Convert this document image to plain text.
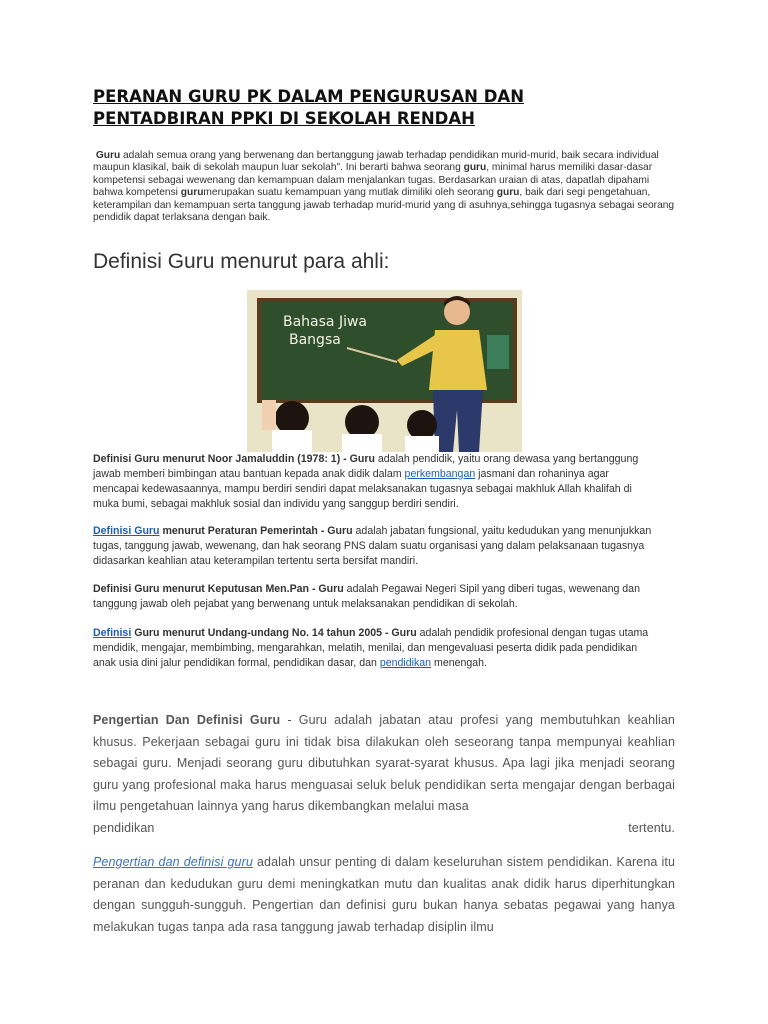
PERANAN GURU PK DALAM PENGURUSAN DAN
PENTADBIRAN PPKI DI SEKOLAH RENDAH

Guru adalah semua orang yang berwenang dan bertanggung jawab terhadap pendidikan murid-murid, baik secara individual maupun klasikal, baik di sekolah maupun luar sekolah". Ini berarti bahwa seorang guru, minimal harus memiliki dasar-dasar kompetensi sebagai wewenang dan kemampuan dalam menjalankan tugas. Berdasarkan uraian di atas, dapatlah dipahami bahwa kompetensi gurumerupakan suatu kemampuan yang mutlak dimiliki oleh seorang guru, baik dari segi pengetahuan, keterampilan dan kemampuan serta tanggung jawab terhadap murid-murid yang di asuhnya,sehingga tugasnya sebagai seorang pendidik dapat terlaksana dengan baik.

Definisi Guru menurut para ahli:
Bahasa Jiwa
Bangsa

Definisi Guru menurut Noor Jamaluddin (1978: 1) - Guru adalah pendidik, yaitu orang dewasa yang bertanggung jawab memberi bimbingan atau bantuan kepada anak didik dalam perkembangan jasmani dan rohaninya agar mencapai kedewasaannya, mampu berdiri sendiri dapat melaksanakan tugasnya sebagai makhluk Allah khalifah di muka bumi, sebagai makhluk sosial dan individu yang sanggup berdiri sendiri.

Definisi Guru menurut Peraturan Pemerintah - Guru adalah jabatan fungsional, yaitu kedudukan yang menunjukkan tugas, tanggung jawab, wewenang, dan hak seorang PNS dalam suatu organisasi yang dalam pelaksanaan tugasnya didasarkan keahlian atau keterampilan tertentu serta bersifat mandiri.

Definisi Guru menurut Keputusan Men.Pan - Guru adalah Pegawai Negeri Sipil yang diberi tugas, wewenang dan tanggung jawab oleh pejabat yang berwenang untuk melaksanakan pendidikan di sekolah.

Definisi Guru menurut Undang-undang No. 14 tahun 2005 - Guru adalah pendidik profesional dengan tugas utama mendidik, mengajar, membimbing, mengarahkan, melatih, menilai, dan mengevaluasi peserta didik pada pendidikan anak usia dini jalur pendidikan formal, pendidikan dasar, dan pendidikan menengah.

Pengertian Dan Definisi Guru - Guru adalah jabatan atau profesi yang membutuhkan keahlian khusus. Pekerjaan sebagai guru ini tidak bisa dilakukan oleh seseorang tanpa mempunyai keahlian sebagai guru. Menjadi seorang guru dibutuhkan syarat-syarat khusus. Apa lagi jika menjadi seorang guru yang profesional maka harus menguasai seluk beluk pendidikan serta mengajar dengan berbagai ilmu pengetahuan lainnya yang harus dikembangkan melalui masa
pendidikan	tertentu.

Pengertian dan definisi guru adalah unsur penting di dalam keseluruhan sistem pendidikan. Karena itu peranan dan kedudukan guru demi meningkatkan mutu dan kualitas anak didik harus diperhitungkan dengan sungguh-sungguh. Pengertian dan definisi guru bukan hanya sebatas pegawai yang hanya melakukan tugas tanpa ada rasa tanggung jawab terhadap disiplin ilmu
